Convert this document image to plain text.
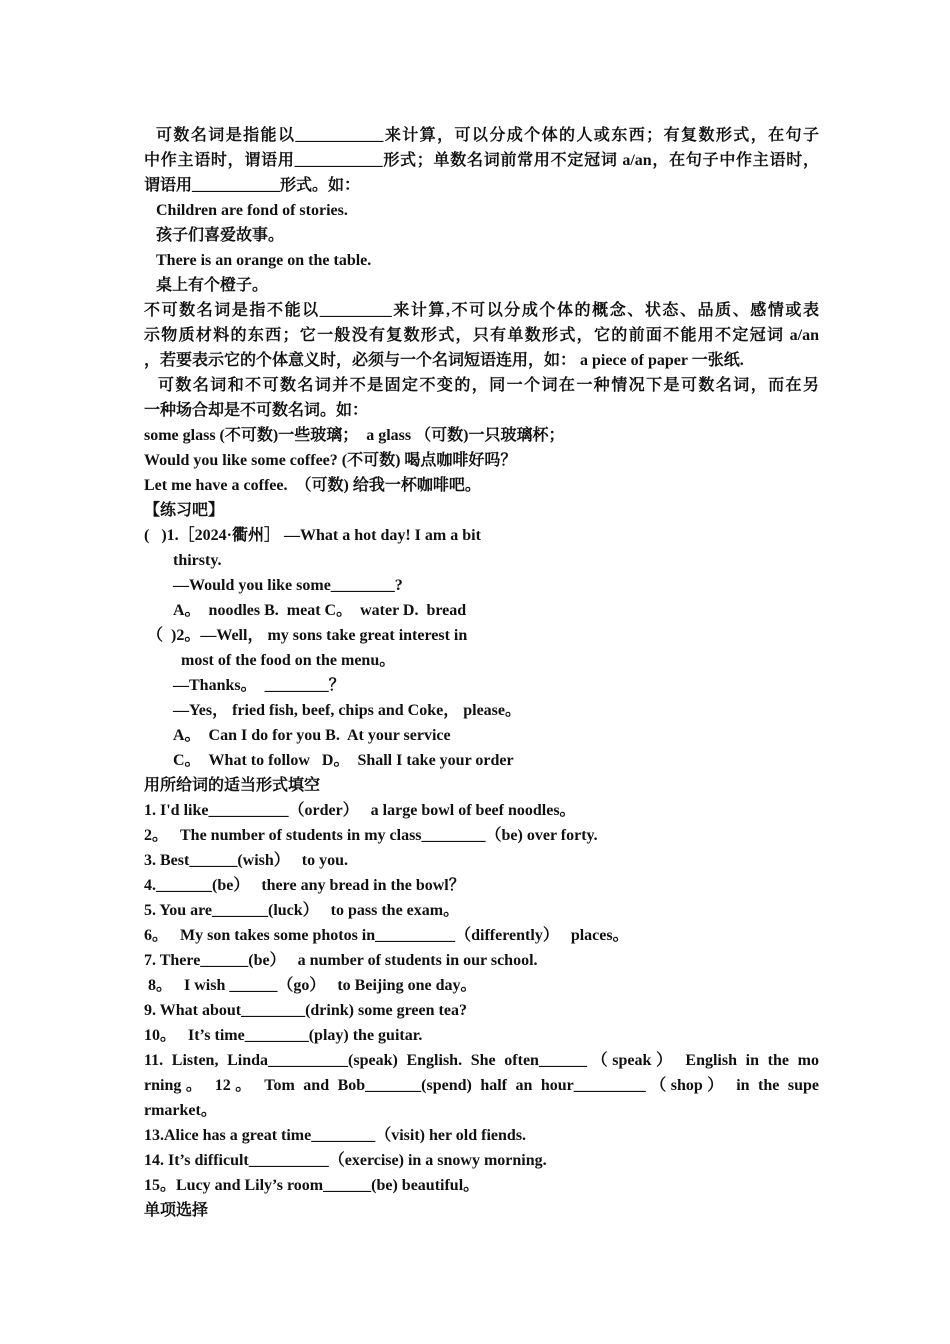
可数名词是指能以___________来计算，可以分成个体的人或东西；有复数形式，在句子
中作主语时，谓语用___________形式；单数名词前常用不定冠词 a/an，在句子中作主语时，
谓语用___________形式。如：
Children are fond of stories.
孩子们喜爱故事。
There is an orange on the table.
桌上有个橙子。
不可数名词是指不能以_________来计算,不可以分成个体的概念、状态、品质、感情或表
示物质材料的东西；它一般没有复数形式，只有单数形式，它的前面不能用不定冠词 a/an
，若要表示它的个体意义时，必须与一个名词短语连用，如： a piece of paper 一张纸.
可数名词和不可数名词并不是固定不变的，同一个词在一种情况下是可数名词，而在另
一种场合却是不可数名词。如：
some glass (不可数)一些玻璃；  a glass （可数)一只玻璃杯；
Would you like some coffee? (不可数) 喝点咖啡好吗？
Let me have a coffee.  （可数) 给我一杯咖啡吧。
【练习吧】
(   )1.［2024·衢州］ —What a hot day! I am a bit
thirsty.
—Would you like some________?
A。  noodles B.  meat C。  water D.  bread
（  )2。—Well， my sons take great interest in
most of the food on the menu。
—Thanks。  ________？
—Yes， fried fish, beef, chips and Coke， please。
A。  Can I do for you B.  At your service
C。  What to follow   D。  Shall I take your order
用所给词的适当形式填空
1. I'd like__________（order）   a large bowl of beef noodles。
2。   The number of students in my class________（be) over forty.
3. Best______(wish）   to you.
4._______(be）   there any bread in the bowl？
5. You are_______(luck）   to pass the exam。
6。   My son takes some photos in__________（differently）   places。
7. There______(be）   a number of students in our school.
8。   I wish ______（go）   to Beijing one day。
9. What about________(drink) some green tea?
10。   It’s time________(play) the guitar.
11. Listen, Linda__________(speak) English. She often______（speak） English in the mo
rning。 12。 Tom and Bob_______(spend) half an hour_________（shop） in the supe
rmarket。
13.Alice has a great time________（visit) her old fiends.
14. It’s difficult__________（exercise) in a snowy morning.
15。Lucy and Lily’s room______(be) beautiful。
单项选择
